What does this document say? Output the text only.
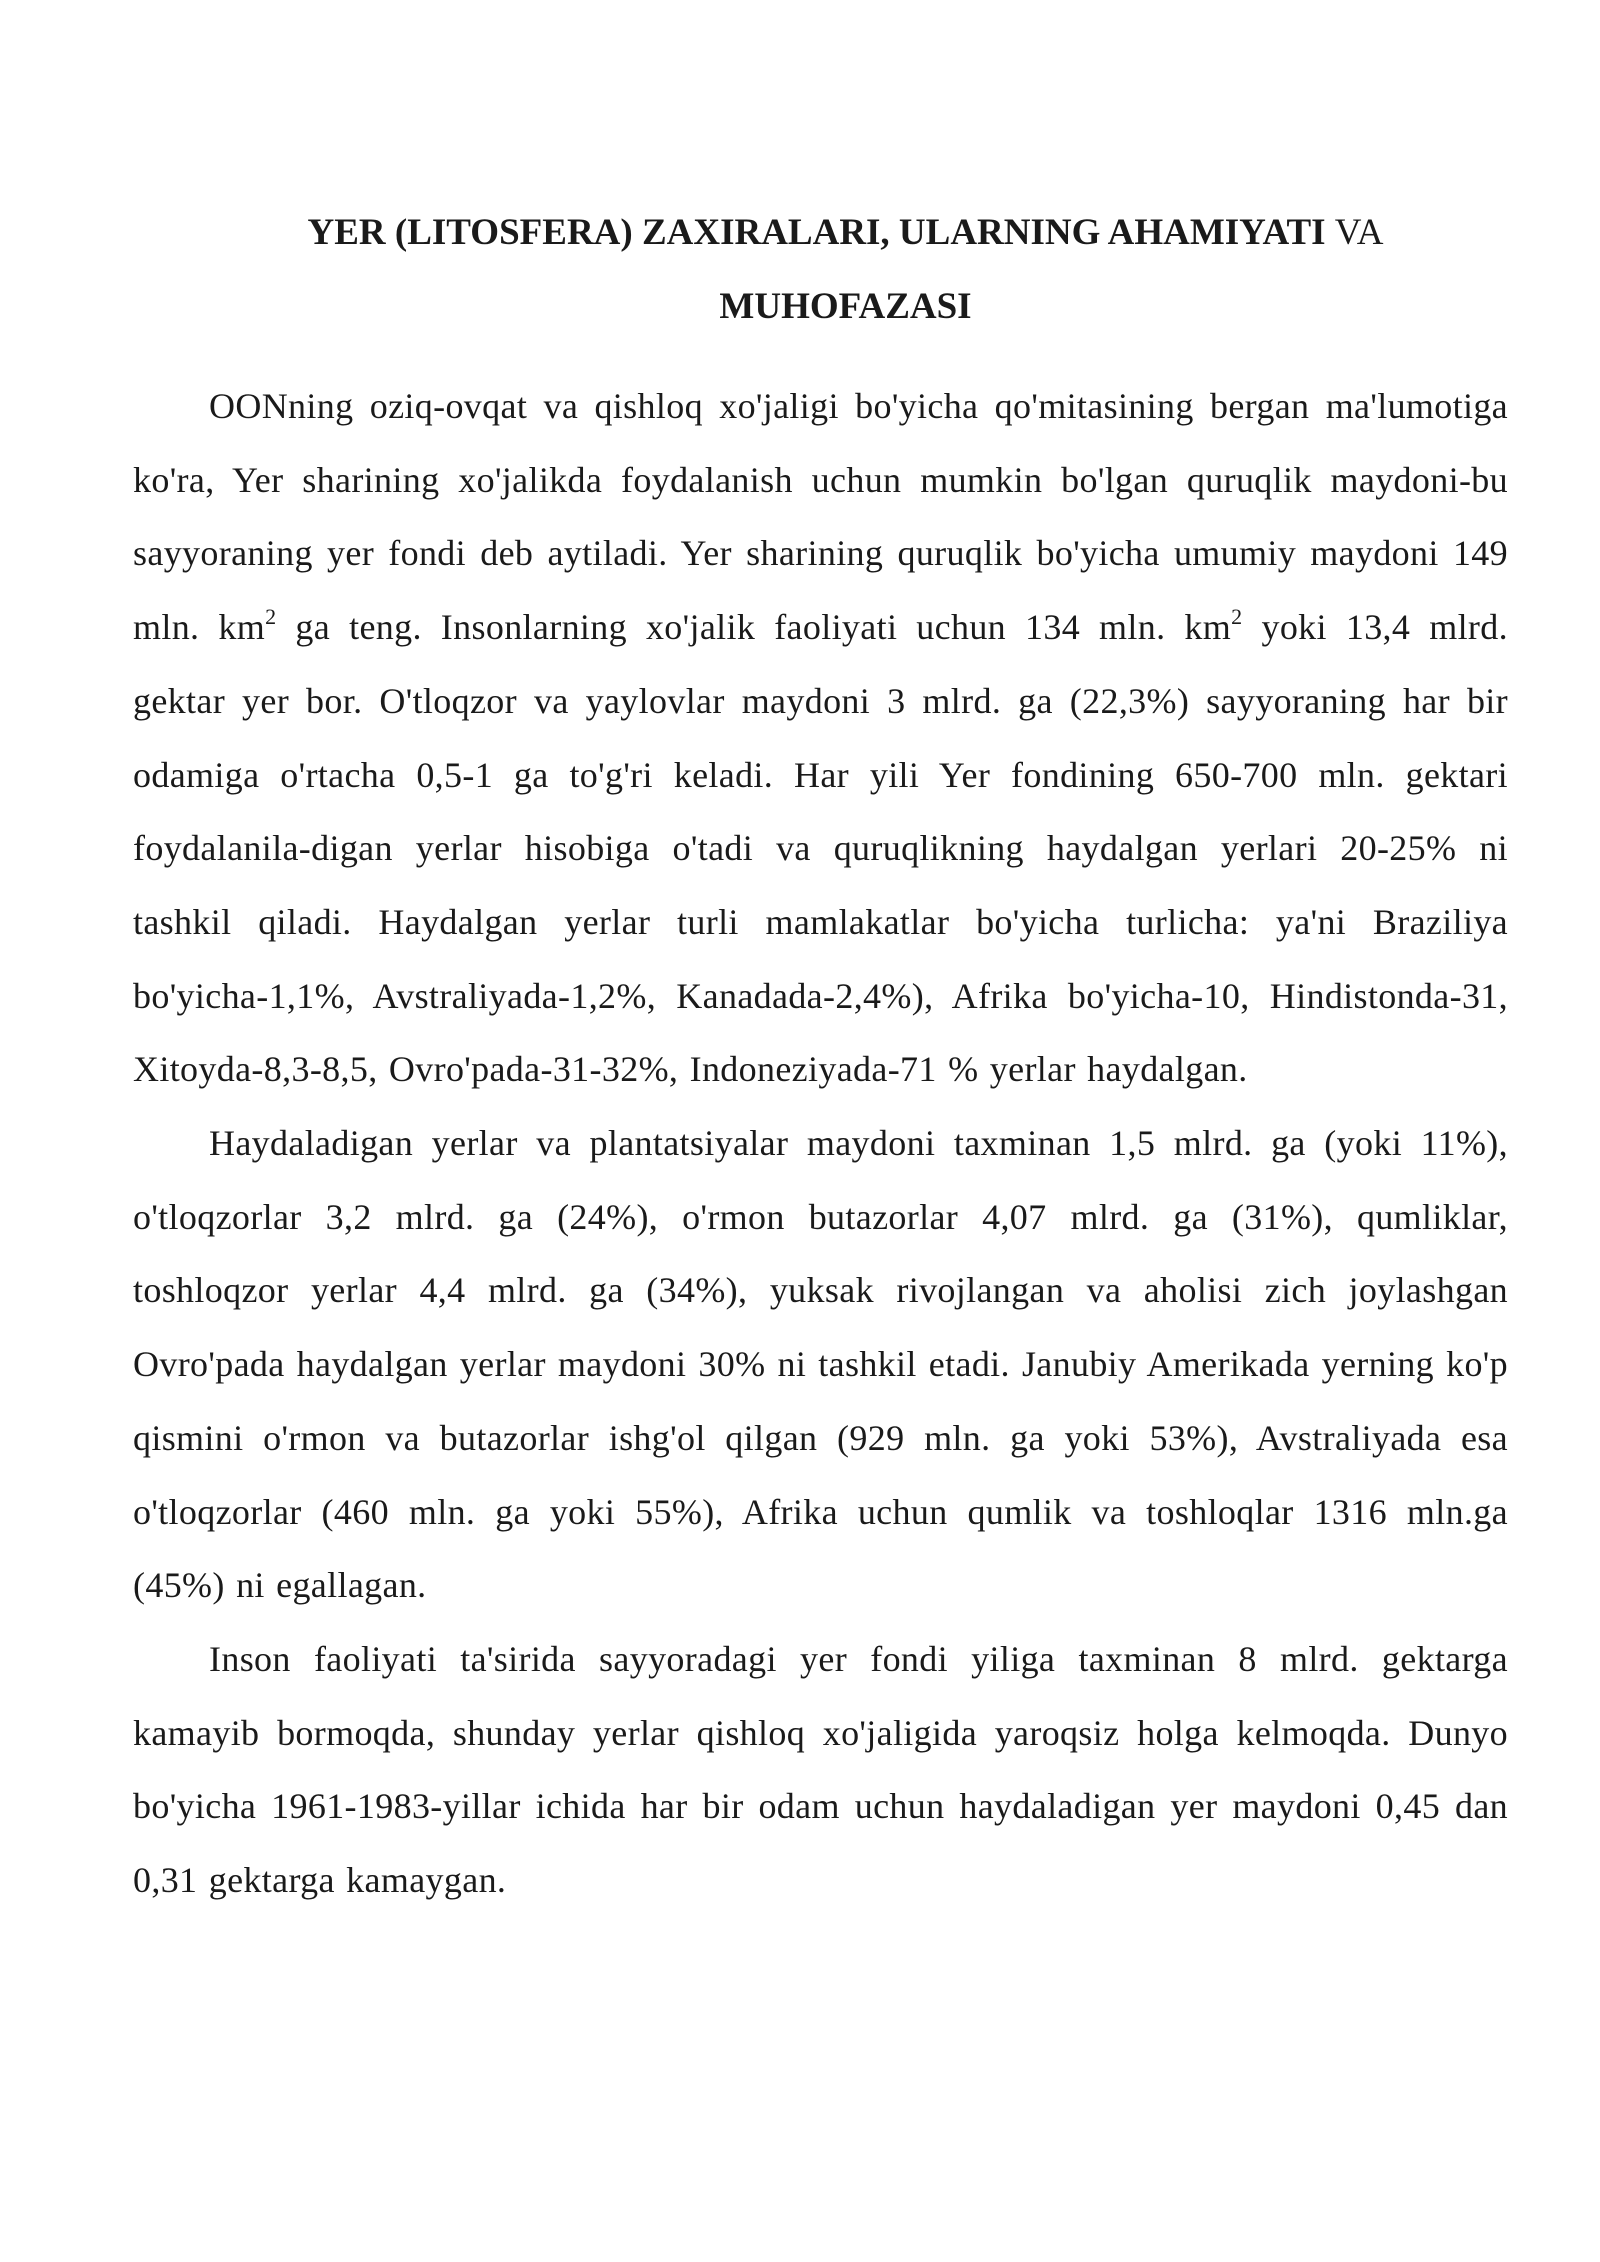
YER (LITOSFERA) ZAXIRALARI, ULARNING AHAMIYATI VA
MUHOFAZASI

OONning oziq-ovqat va qishloq xo'jaligi bo'yicha qo'mitasining bergan ma'lumotiga ko'ra, Yer sharining xo'jalikda foydalanish uchun mumkin bo'lgan quruqlik maydoni-bu sayyoraning yer fondi deb aytiladi. Yer sharining quruqlik bo'yicha umumiy maydoni 149 mln. $km^2$ ga teng. Insonlarning xo'jalik faoliyati uchun 134 mln. $km^2$ yoki 13,4 mlrd. gektar yer bor. O'tloqzor va yaylovlar maydoni 3 mlrd. ga (22,3%) sayyoraning har bir odamiga o'rtacha 0,5-1 ga to'g'ri keladi. Har yili Yer fondining 650-700 mln. gektari foydalanila-digan yerlar hisobiga o'tadi va quruqlikning haydalgan yerlari 20-25% ni tashkil qiladi. Haydalgan yerlar turli mamlakatlar bo'yicha turlicha: ya'ni Braziliya bo'yicha-1,1%, Avstraliyada-1,2%, Kanadada-2,4%), Afrika bo'yicha-10, Hindistonda-31, Xitoyda-8,3-8,5, Ovro'pada-31-32%, Indoneziyada-71 % yerlar haydalgan.

Haydaladigan yerlar va plantatsiyalar maydoni taxminan 1,5 mlrd. ga (yoki 11%), o'tloqzorlar 3,2 mlrd. ga (24%), o'rmon butazorlar 4,07 mlrd. ga (31%), qumliklar, toshloqzor yerlar 4,4 mlrd. ga (34%), yuksak rivojlangan va aholisi zich joylashgan Ovro'pada haydalgan yerlar maydoni 30% ni tashkil etadi. Janubiy Amerikada yerning ko'p qismini o'rmon va butazorlar ishg'ol qilgan (929 mln. ga yoki 53%), Avstraliyada esa o'tloqzorlar (460 mln. ga yoki 55%), Afrika uchun qumlik va toshloqlar 1316 mln.ga (45%) ni egallagan.

Inson faoliyati ta'sirida sayyoradagi yer fondi yiliga taxminan 8 mlrd. gektarga kamayib bormoqda, shunday yerlar qishloq xo'jaligida yaroqsiz holga kelmoqda. Dunyo bo'yicha 1961-1983-yillar ichida har bir odam uchun haydaladigan yer maydoni 0,45 dan 0,31 gektarga kamaygan.
